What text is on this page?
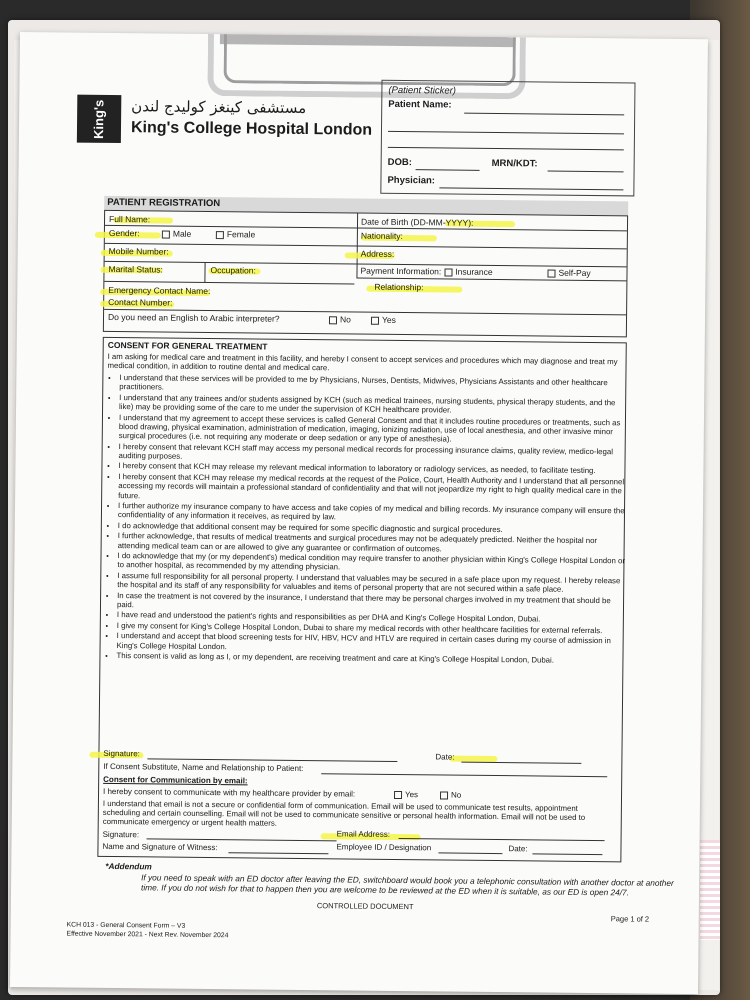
King's مستشفى كينغز كوليدج لندن
King's College Hospital London
(Patient Sticker)
Patient Name:
DOB:	MRN/KDT:
Physician:
PATIENT REGISTRATION
Full Name:	Date of Birth (DD-MM-YYYY):
Gender:	Male	Female	Nationality:
Mobile Number:	Address:
Marital Status:	Occupation:	Payment Information: Insurance	Self-Pay
Emergency Contact Name:	Relationship:
Contact Number:
Do you need an English to Arabic interpreter?	No	Yes
CONSENT FOR GENERAL TREATMENT
I am asking for medical care and treatment in this facility, and hereby I consent to accept services and procedures which may diagnose and treat my medical condition, in addition to routine dental and medical care.
• I understand that these services will be provided to me by Physicians, Nurses, Dentists, Midwives, Physicians Assistants and other healthcare practitioners.
• I understand that any trainees and/or students assigned by KCH (such as medical trainees, nursing students, physical therapy students, and the like) may be providing some of the care to me under the supervision of KCH healthcare provider.
• I understand that my agreement to accept these services is called General Consent and that it includes routine procedures or treatments, such as blood drawing, physical examination, administration of medication, imaging, ionizing radiation, use of local anesthesia, and other invasive minor surgical procedures (i.e. not requiring any moderate or deep sedation or any type of anesthesia).
• I hereby consent that relevant KCH staff may access my personal medical records for processing insurance claims, quality review, medico-legal auditing purposes.
• I hereby consent that KCH may release my relevant medical information to laboratory or radiology services, as needed, to facilitate testing.
• I hereby consent that KCH may release my medical records at the request of the Police, Court, Health Authority and I understand that all personnel accessing my records will maintain a professional standard of confidentiality and that will not jeopardize my right to high quality medical care in the future.
• I further authorize my insurance company to have access and take copies of my medical and billing records. My insurance company will ensure the confidentiality of any information it receives, as required by law.
• I do acknowledge that additional consent may be required for some specific diagnostic and surgical procedures.
• I further acknowledge, that results of medical treatments and surgical procedures may not be adequately predicted. Neither the hospital nor attending medical team can or are allowed to give any guarantee or confirmation of outcomes.
• I do acknowledge that my (or my dependent's) medical condition may require transfer to another physician within King's College Hospital London or to another hospital, as recommended by my attending physician.
• I assume full responsibility for all personal property. I understand that valuables may be secured in a safe place upon my request. I hereby release the hospital and its staff of any responsibility for valuables and items of personal property that are not secured within a safe place.
• In case the treatment is not covered by the insurance, I understand that there may be personal charges involved in my treatment that should be paid.
• I have read and understood the patient's rights and responsibilities as per DHA and King's College Hospital London, Dubai.
• I give my consent for King's College Hospital London, Dubai to share my medical records with other healthcare facilities for external referrals.
• I understand and accept that blood screening tests for HIV, HBV, HCV and HTLV are required in certain cases during my course of admission in King's College Hospital London.
• This consent is valid as long as I, or my dependent, are receiving treatment and care at King's College Hospital London, Dubai.
Signature:	Date:
If Consent Substitute, Name and Relationship to Patient:
Consent for Communication by email:
I hereby consent to communicate with my healthcare provider by email:	Yes	No
I understand that email is not a secure or confidential form of communication. Email will be used to communicate test results, appointment scheduling and certain counselling. Email will not be used to communicate sensitive or personal health information. Email will not be used to communicate emergency or urgent health matters.
Signature:	Email Address:
Name and Signature of Witness:	Employee ID / Designation	Date:
*Addendum
If you need to speak with an ED doctor after leaving the ED, switchboard would book you a telephonic consultation with another doctor at another time. If you do not wish for that to happen then you are welcome to be reviewed at the ED when it is suitable, as our ED is open 24/7.
CONTROLLED DOCUMENT
Page 1 of 2
KCH 013 - General Consent Form – V3
Effective November 2021 - Next Rev. November 2024
